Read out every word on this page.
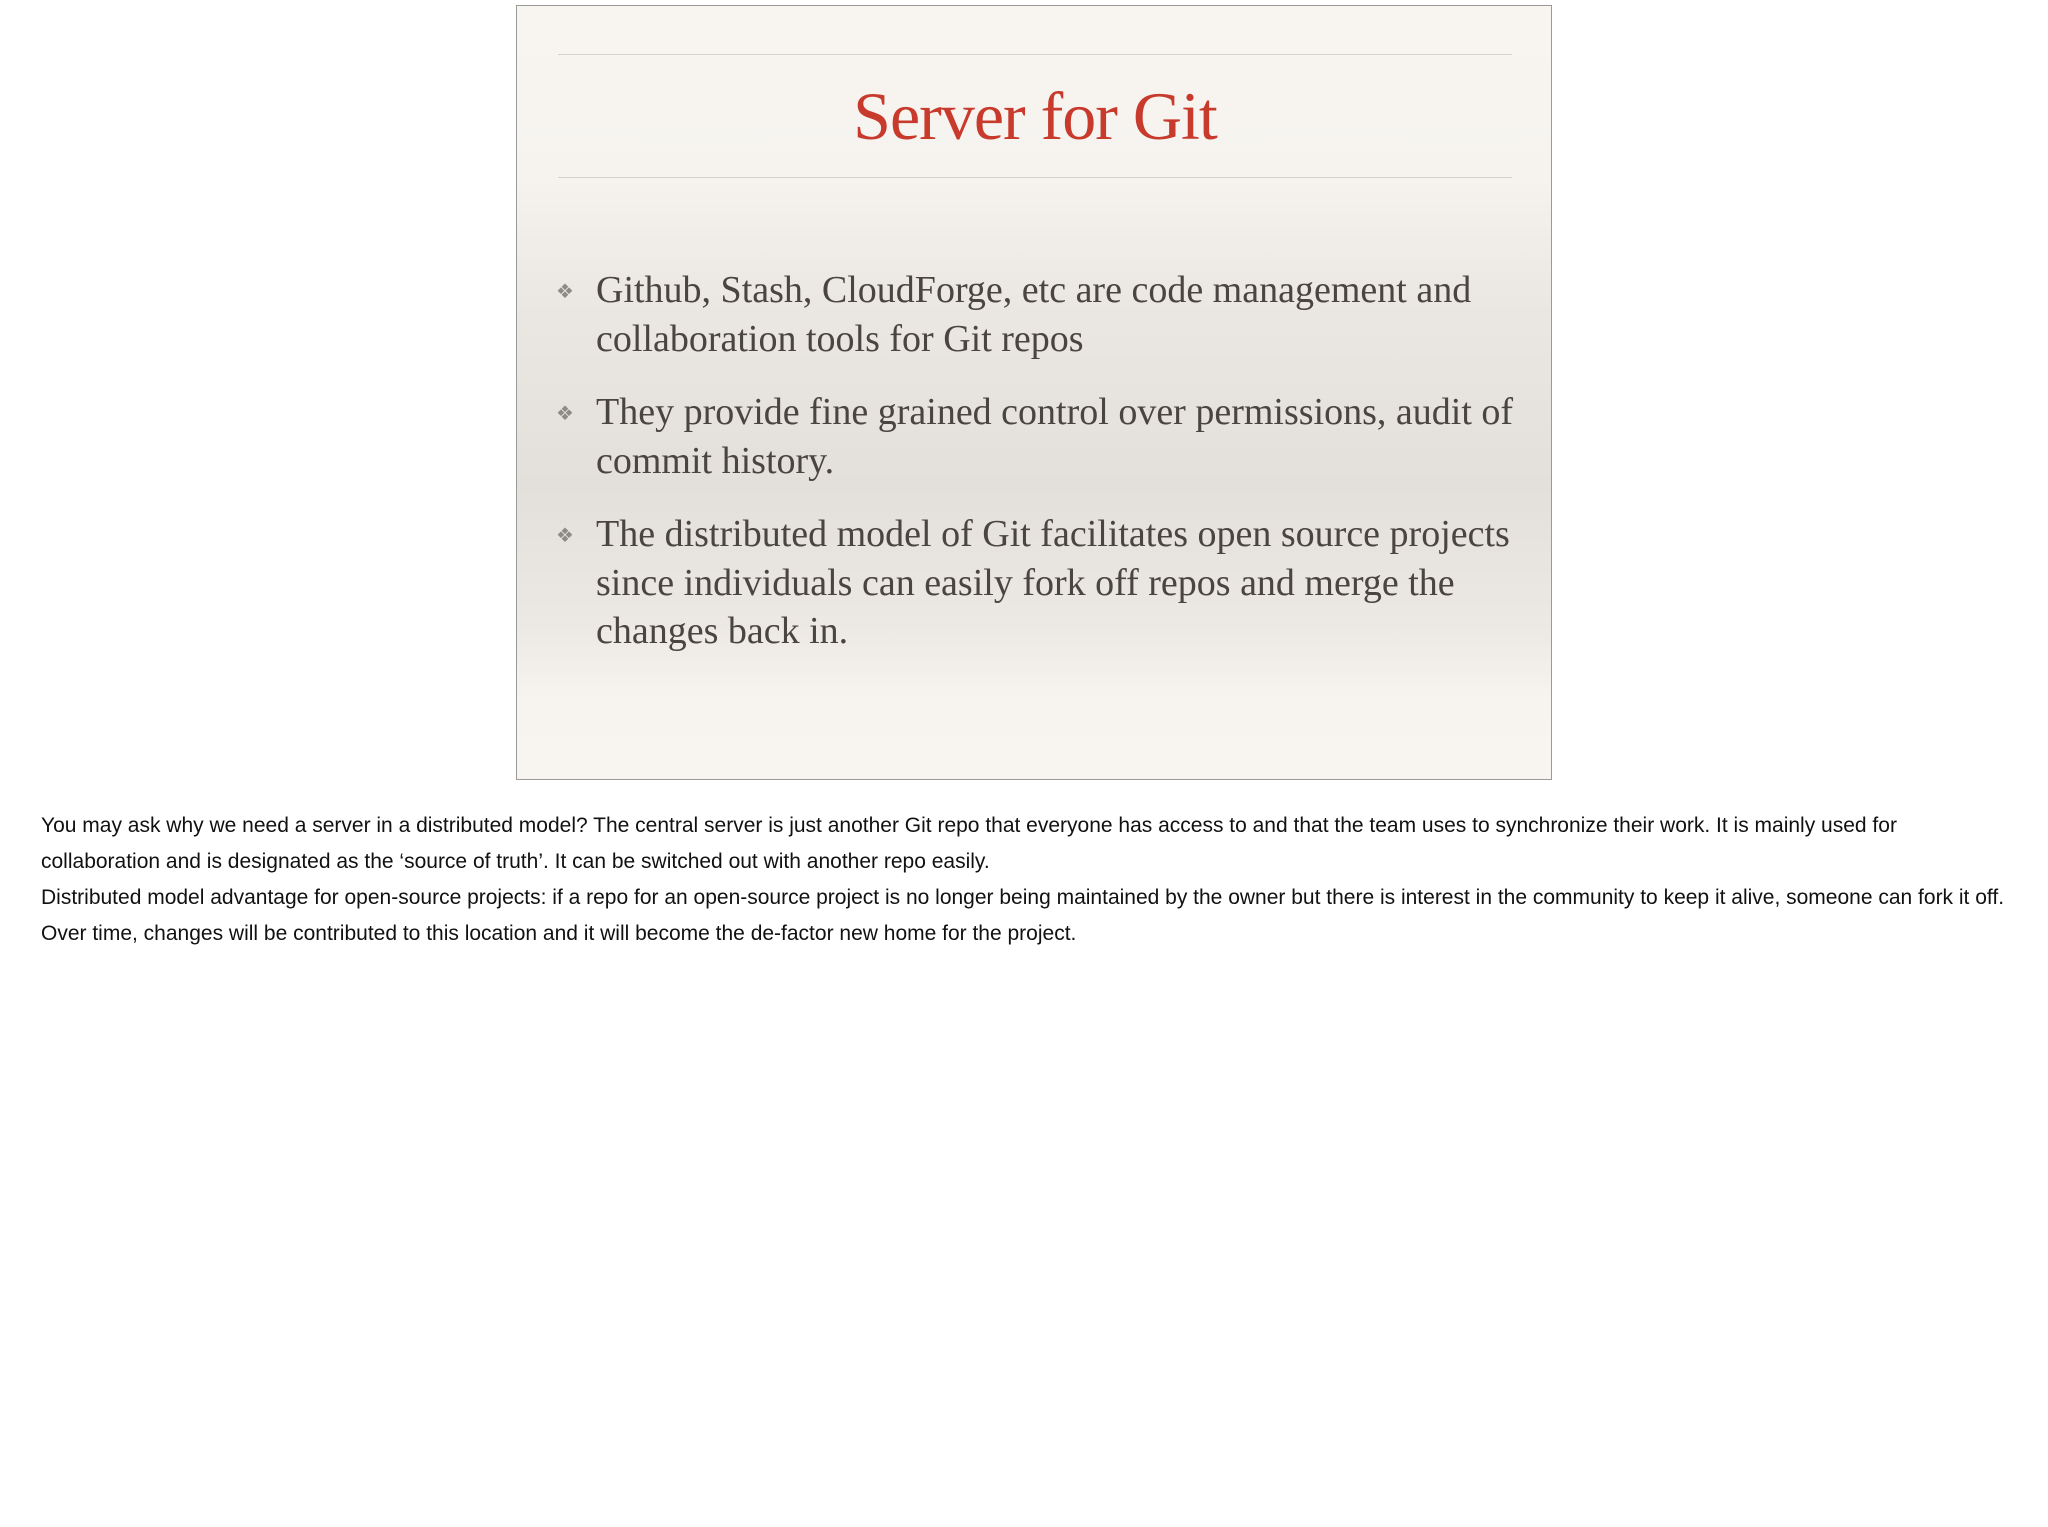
Server for Git
❖ Github, Stash, CloudForge, etc are code management and collaboration tools for Git repos
❖ They provide fine grained control over permissions, audit of commit history.
❖ The distributed model of Git facilitates open source projects since individuals can easily fork off repos and merge the changes back in.

You may ask why we need a server in a distributed model? The central server is just another Git repo that everyone has access to and that the team uses to synchronize their work. It is mainly used for collaboration and is designated as the ‘source of truth’. It can be switched out with another repo easily.

Distributed model advantage for open-source projects: if a repo for an open-source project is no longer being maintained by the owner but there is interest in the community to keep it alive, someone can fork it off. Over time, changes will be contributed to this location and it will become the de-factor new home for the project.
